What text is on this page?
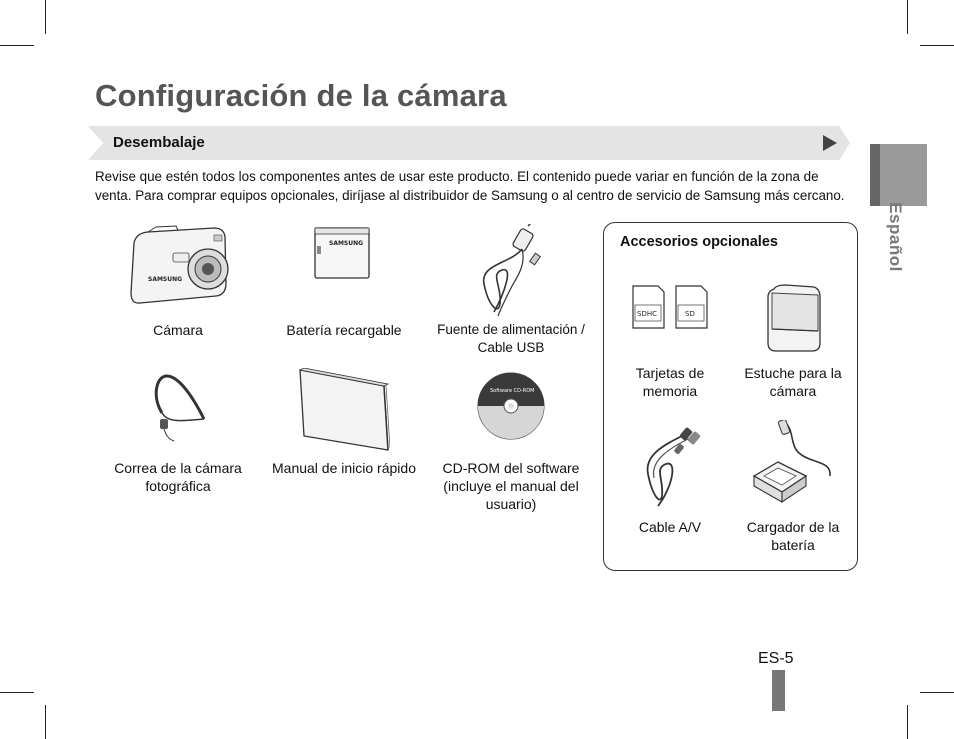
Configuración de la cámara
Desembalaje
Revise que estén todos los componentes antes de usar este producto. El contenido puede variar en función de la zona de venta. Para comprar equipos opcionales, diríjase al distribuidor de Samsung o al centro de servicio de Samsung más cercano.
SAMSUNG
Cámara
SAMSUNG
Batería recargable	Fuente de alimentación /
Cable USB
Correa de la cámara
fotográfica
Manual de inicio rápido
Software CD-ROM
CD-ROM del software
(incluye el manual del
usuario)
Accesorios opcionales
SDHC	SD
Tarjetas de
memoria
Estuche para la
cámara
Cable A/V	Cargador de la
batería
Español
ES-5
